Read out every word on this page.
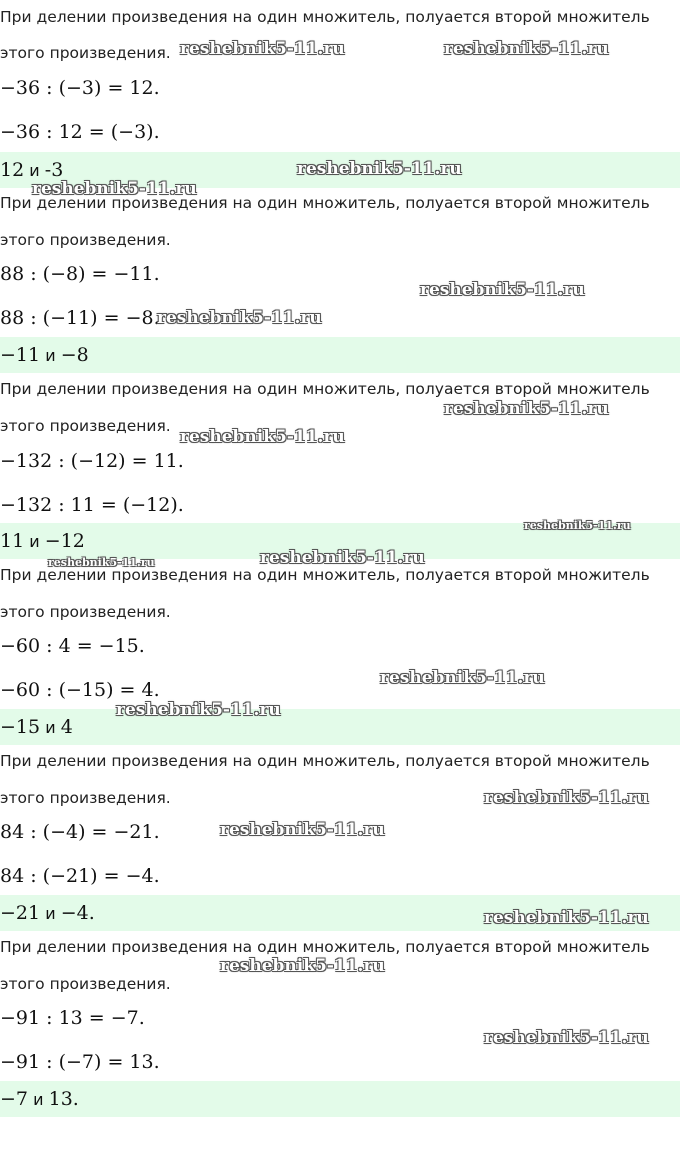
При делении произведения на один множитель, полуается второй множитель
этого произведения.
−36 : (−3) = 12.
−36 : 12 = (−3).
12 и -3
При делении произведения на один множитель, полуается второй множитель
этого произведения.
88 : (−8) = −11.
88 : (−11) = −8.
−11 и −8
При делении произведения на один множитель, полуается второй множитель
этого произведения.
−132 : (−12) = 11.
−132 : 11 = (−12).
11 и −12
При делении произведения на один множитель, полуается второй множитель
этого произведения.
−60 : 4 = −15.
−60 : (−15) = 4.
−15 и 4
При делении произведения на один множитель, полуается второй множитель
этого произведения.
84 : (−4) = −21.
84 : (−21) = −4.
−21 и −4.
При делении произведения на один множитель, полуается второй множитель
этого произведения.
−91 : 13 = −7.
−91 : (−7) = 13.
−7 и 13.
reshebnik5-11.ru	reshebnik5-11.ru
reshebnik5-11.ru
reshebnik5-11.ru
reshebnik5-11.ru
reshebnik5-11.ru
reshebnik5-11.ru
reshebnik5-11.ru
reshebnik5-11.ru
reshebnik5-11.ru
reshebnik5-11.ru
reshebnik5-11.ru
reshebnik5-11.ru
reshebnik5-11.ru
reshebnik5-11.ru
reshebnik5-11.ru
reshebnik5-11.ru
reshebnik5-11.ru
